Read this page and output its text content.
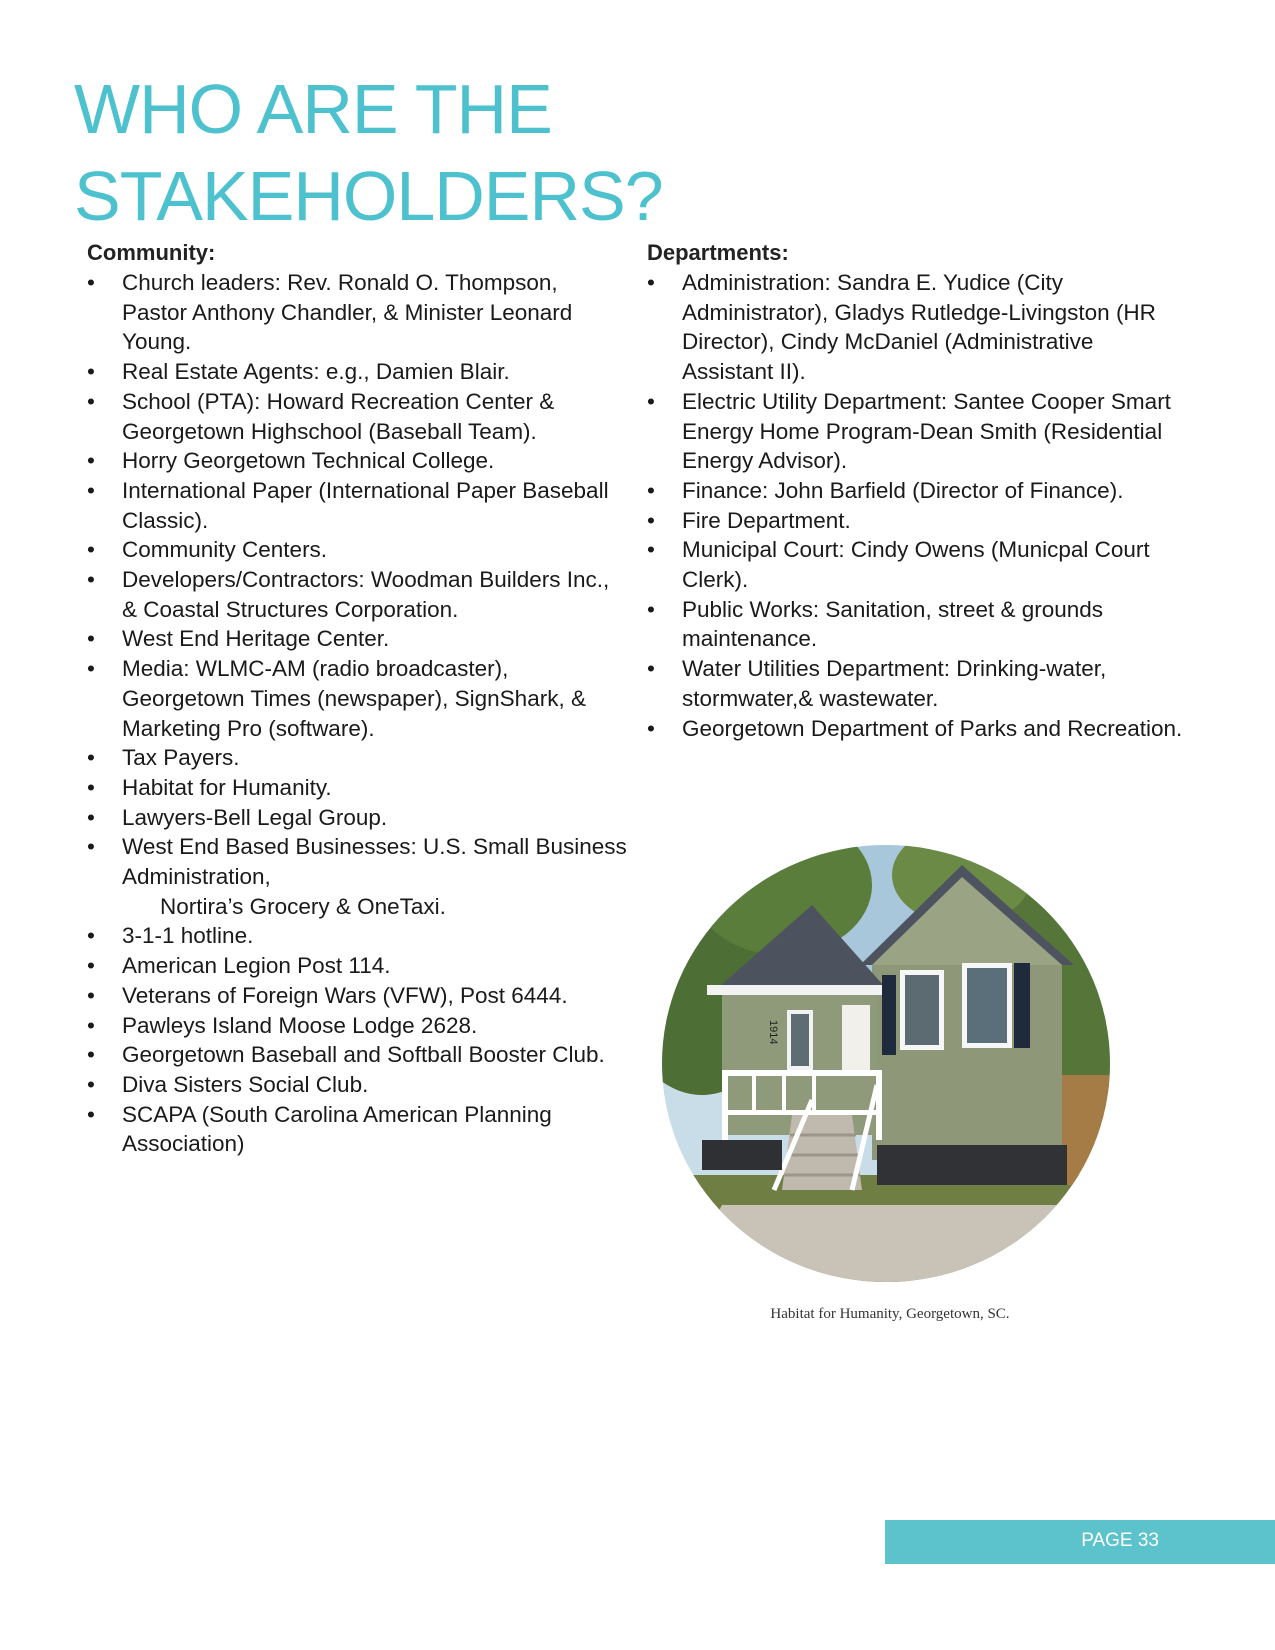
WHO ARE THE
STAKEHOLDERS?

Community:

• Church leaders: Rev. Ronald O. Thompson, Pastor Anthony Chandler, & Minister Leonard Young.
• Real Estate Agents: e.g., Damien Blair.
• School (PTA): Howard Recreation Center & Georgetown Highschool (Baseball Team).
• Horry Georgetown Technical College.
• International Paper (International Paper Baseball Classic).
• Community Centers.
• Developers/Contractors: Woodman Builders Inc., & Coastal Structures Corporation.
• West End Heritage Center.
• Media: WLMC-AM (radio broadcaster), Georgetown Times (newspaper), SignShark, & Marketing Pro (software).
• Tax Payers.
• Habitat for Humanity.
• Lawyers-Bell Legal Group.
• West End Based Businesses: U.S. Small Business Administration,
Nortira’s Grocery & OneTaxi.
• 3-1-1 hotline.
• American Legion Post 114.
• Veterans of Foreign Wars (VFW), Post 6444.
• Pawleys Island Moose Lodge 2628.
• Georgetown Baseball and Softball Booster Club.
• Diva Sisters Social Club.
• SCAPA (South Carolina American Planning Association)

Departments:

• Administration: Sandra E. Yudice (City Administrator), Gladys Rutledge-Livingston (HR Director), Cindy McDaniel (Administrative Assistant II).
• Electric Utility Department: Santee Cooper Smart Energy Home Program-Dean Smith (Residential Energy Advisor).
• Finance: John Barfield (Director of Finance).
• Fire Department.
• Municipal Court: Cindy Owens (Municpal Court Clerk).
• Public Works: Sanitation, street & grounds maintenance.
• Water Utilities Department: Drinking-water, stormwater,& wastewater.
• Georgetown Department of Parks and Recreation.
1914
Habitat for Humanity, Georgetown, SC.
PAGE 33
